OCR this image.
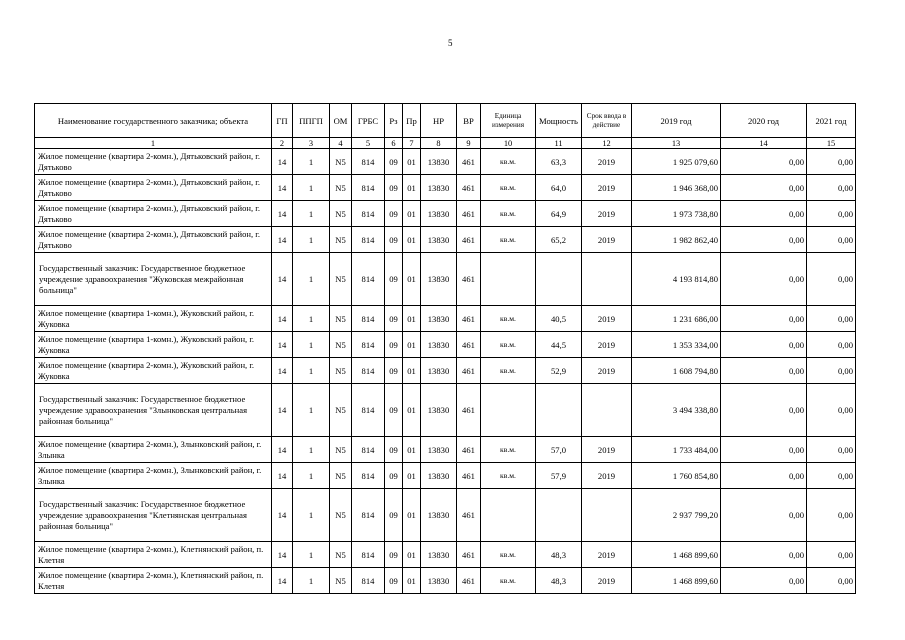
5
Наименование государственного заказчика; объекта	ГП	ППГП	ОМ	ГРБС	Рз	Пр	НР	ВР	Единица измерения	Мощность	Срок ввода в действие	2019 год	2020 год	2021 год
1	2	3	4	5	6	7	8	9	10	11	12	13	14	15
Жилое помещение (квартира 2-комн.), Дятьковский район, г. Дятьково	14	1	N5	814	09	01	13830	461	кв.м.	63,3	2019	1 925 079,60	0,00	0,00
Жилое помещение (квартира 2-комн.), Дятьковский район, г. Дятьково	14	1	N5	814	09	01	13830	461	кв.м.	64,0	2019	1 946 368,00	0,00	0,00
Жилое помещение (квартира 2-комн.), Дятьковский район, г. Дятьково	14	1	N5	814	09	01	13830	461	кв.м.	64,9	2019	1 973 738,80	0,00	0,00
Жилое помещение (квартира 2-комн.), Дятьковский район, г. Дятьково	14	1	N5	814	09	01	13830	461	кв.м.	65,2	2019	1 982 862,40	0,00	0,00
Государственный заказчик: Государственное бюджетное учреждение здравоохранения "Жуковская межрайонная больница"	14	1	N5	814	09	01	13830	461				4 193 814,80	0,00	0,00
Жилое помещение (квартира 1-комн.), Жуковский район, г. Жуковка	14	1	N5	814	09	01	13830	461	кв.м.	40,5	2019	1 231 686,00	0,00	0,00
Жилое помещение (квартира 1-комн.), Жуковский район, г. Жуковка	14	1	N5	814	09	01	13830	461	кв.м.	44,5	2019	1 353 334,00	0,00	0,00
Жилое помещение (квартира 2-комн.), Жуковский район, г. Жуковка	14	1	N5	814	09	01	13830	461	кв.м.	52,9	2019	1 608 794,80	0,00	0,00
Государственный заказчик: Государственное бюджетное учреждение здравоохранения "Злынковская центральная районная больница"	14	1	N5	814	09	01	13830	461				3 494 338,80	0,00	0,00
Жилое помещение (квартира 2-комн.), Злынковский район, г. Злынка	14	1	N5	814	09	01	13830	461	кв.м.	57,0	2019	1 733 484,00	0,00	0,00
Жилое помещение (квартира 2-комн.), Злынковский район, г. Злынка	14	1	N5	814	09	01	13830	461	кв.м.	57,9	2019	1 760 854,80	0,00	0,00
Государственный заказчик: Государственное бюджетное учреждение здравоохранения "Клетнянская центральная районная больница"	14	1	N5	814	09	01	13830	461				2 937 799,20	0,00	0,00
Жилое помещение (квартира 2-комн.), Клетнянский район, п. Клетня	14	1	N5	814	09	01	13830	461	кв.м.	48,3	2019	1 468 899,60	0,00	0,00
Жилое помещение (квартира 2-комн.), Клетнянский район, п. Клетня	14	1	N5	814	09	01	13830	461	кв.м.	48,3	2019	1 468 899,60	0,00	0,00
